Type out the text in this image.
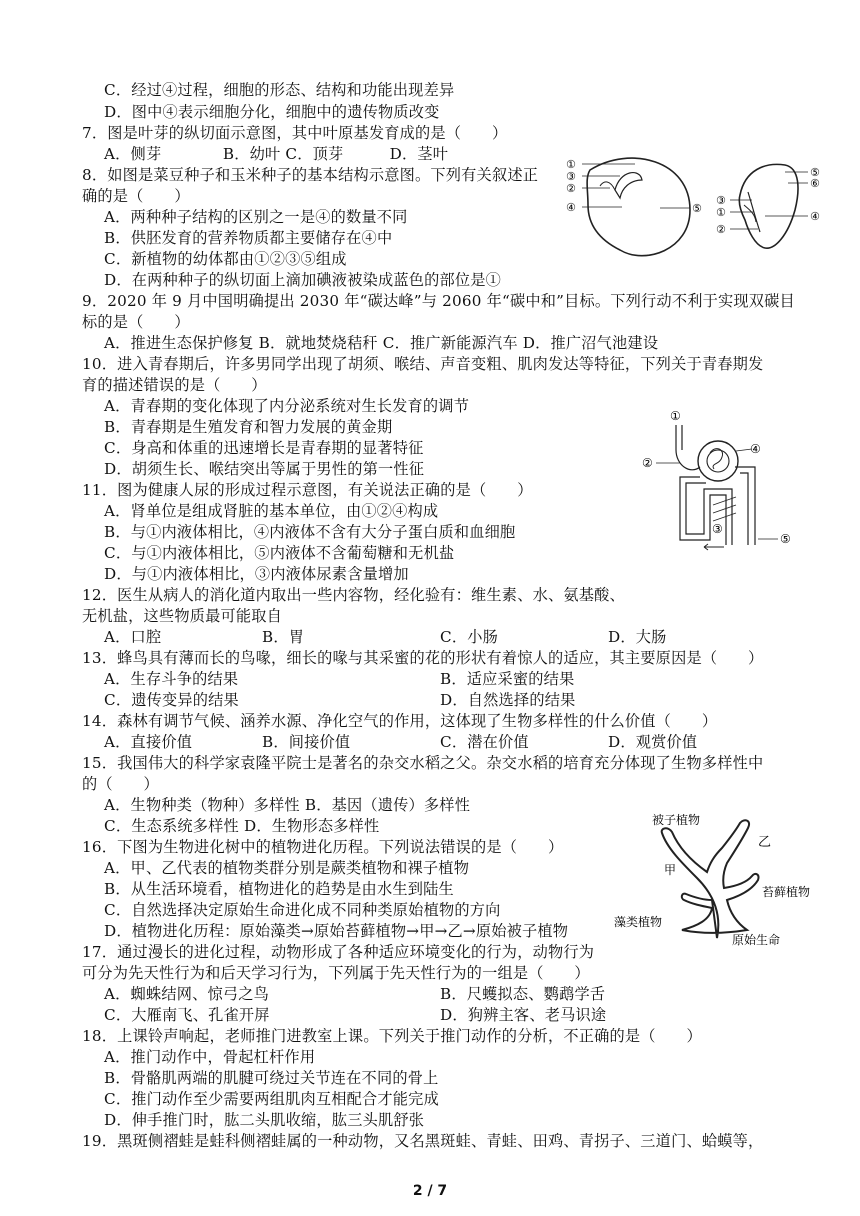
C．经过④过程，细胞的形态、结构和功能出现差异
D．图中④表示细胞分化，细胞中的遗传物质改变
7．图是叶芽的纵切面示意图，其中叶原基发育成的是（　　）
A．侧芽　　　　B．幼叶 C．顶芽　　　D．茎叶
8．如图是菜豆种子和玉米种子的基本结构示意图。下列有关叙述正
确的是（　　）
A．两种种子结构的区别之一是④的数量不同
B．供胚发育的营养物质都主要储存在④中
C．新植物的幼体都由①②③⑤组成
D．在两种种子的纵切面上滴加碘液被染成蓝色的部位是①
9．2020 年 9 月中国明确提出 2030 年“碳达峰”与 2060 年“碳中和”目标。下列行动不利于实现双碳目
标的是（　　）
A．推进生态保护修复 B．就地焚烧秸秆 C．推广新能源汽车 D．推广沼气池建设
10．进入青春期后，许多男同学出现了胡须、喉结、声音变粗、肌肉发达等特征，下列关于青春期发
育的描述错误的是（　　）
A．青春期的变化体现了内分泌系统对生长发育的调节
B．青春期是生殖发育和智力发展的黄金期
C．身高和体重的迅速增长是青春期的显著特征
D．胡须生长、喉结突出等属于男性的第一性征
11．图为健康人尿的形成过程示意图，有关说法正确的是（　　）
A．肾单位是组成肾脏的基本单位，由①②④构成
B．与①内液体相比，④内液体不含有大分子蛋白质和血细胞
C．与①内液体相比，⑤内液体不含葡萄糖和无机盐
D．与①内液体相比，③内液体尿素含量增加
12．医生从病人的消化道内取出一些内容物，经化验有：维生素、水、氨基酸、
无机盐，这些物质最可能取自
A．口腔	B．胃	C．小肠	D．大肠
13．蜂鸟具有薄而长的鸟喙，细长的喙与其采蜜的花的形状有着惊人的适应，其主要原因是（　　）
A．生存斗争的结果	B．适应采蜜的结果
C．遗传变异的结果	D．自然选择的结果
14．森林有调节气候、涵养水源、净化空气的作用，这体现了生物多样性的什么价值（　　）
A．直接价值	B．间接价值	C．潜在价值	D．观赏价值
15．我国伟大的科学家袁隆平院士是著名的杂交水稻之父。杂交水稻的培育充分体现了生物多样性中
的（　　）
A．生物种类（物种）多样性 B．基因（遗传）多样性
C．生态系统多样性 D．生物形态多样性
16．下图为生物进化树中的植物进化历程。下列说法错误的是（　　）
A．甲、乙代表的植物类群分别是蕨类植物和裸子植物
B．从生活环境看，植物进化的趋势是由水生到陆生
C．自然选择决定原始生命进化成不同种类原始植物的方向
D．植物进化历程：原始藻类→原始苔藓植物→甲→乙→原始被子植物
17．通过漫长的进化过程，动物形成了各种适应环境变化的行为，动物行为
可分为先天性行为和后天学习行为，下列属于先天性行为的一组是（　　）
A．蜘蛛结网、惊弓之鸟	B．尺蠖拟态、鹦鹉学舌
C．大雁南飞、孔雀开屏	D．狗辨主客、老马识途
18．上课铃声响起，老师推门进教室上课。下列关于推门动作的分析，不正确的是（　　）
A．推门动作中，骨起杠杆作用
B．骨骼肌两端的肌腱可绕过关节连在不同的骨上
C．推门动作至少需要两组肌肉互相配合才能完成
D．伸手推门时，肱二头肌收缩，肱三头肌舒张
19．黑斑侧褶蛙是蛙科侧褶蛙属的一种动物，又名黑斑蛙、青蛙、田鸡、青拐子、三道门、蛤蟆等，
①
③
②
④	⑤
⑤
⑥
③
①
②
④
①
②
④
③
⑤
被子植物
乙
甲
苔藓植物
藻类植物
原始生命
2 / 7
